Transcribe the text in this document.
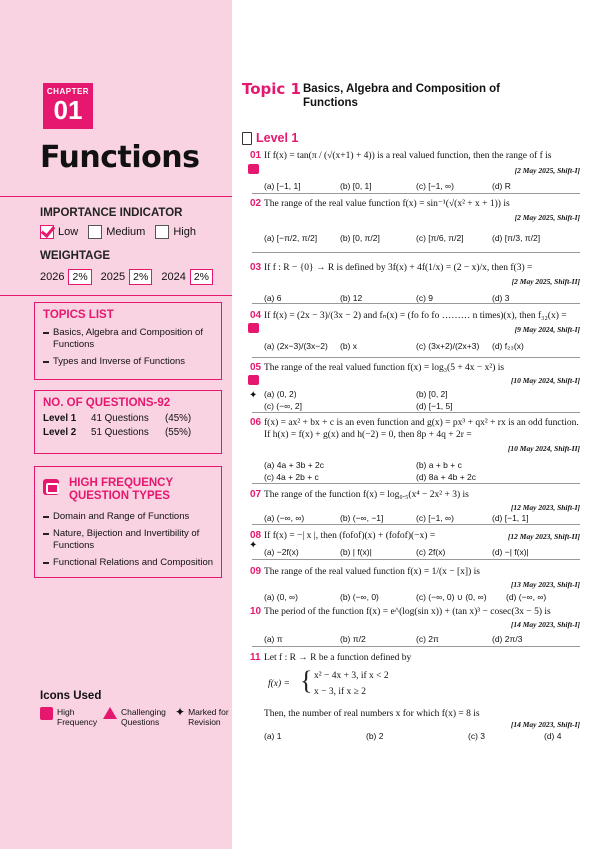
CHAPTER
01
Functions
IMPORTANCE INDICATOR
Low	Medium	High
WEIGHTAGE
2026 2%	2025 2%	2024 2%
TOPICS LIST
Basics, Algebra and Composition of Functions
Types and Inverse of Functions
NO. OF QUESTIONS-92
Level 1	41 Questions	(45%)
Level 2	51 Questions	(55%)
HIGH FREQUENCY QUESTION TYPES
Domain and Range of Functions
Nature, Bijection and Invertibility of Functions
Functional Relations and Composition
Icons Used
High Frequency
Challenging Questions
✦ Marked for Revision
Topic 1 Basics, Algebra and Composition of Functions
Level 1
01 If f(x) = tan(π / (√(x+1) + 4)) is a real valued function, then the range of f is
[2 May 2025, Shift-I]
(a) [−1, 1]	(b) [0, 1]	(c) [−1, ∞)	(d) R
02 The range of the real value function f(x) = sin⁻¹(√(x² + x + 1)) is
[2 May 2025, Shift-I]
(a) [−π/2, π/2]	(b) [0, π/2]	(c) [π/6, π/2]	(d) [π/3, π/2]
03 If f : R − {0} → R is defined by 3f(x) + 4f(1/x) = (2 − x)/x, then f(3) =
[2 May 2025, Shift-II]
(a) 6	(b) 12	(c) 9	(d) 3
04 If f(x) = (2x − 3)/(3x − 2) and fₙ(x) = (fo fo fo ……… n times)(x), then f₃₂(x) =
[9 May 2024, Shift-I]
(a) (2x−3)/(3x−2)	(b) x	(c) (3x+2)/(2x+3)	(d) f₂₃(x)
05
✦
The range of the real valued function f(x) = log₃(5 + 4x − x²) is
[10 May 2024, Shift-I]
(a) (0, 2)	(b) [0, 2]
(c) (−∞, 2]	(d) [−1, 5]
06 f(x) = ax² + bx + c is an even function and g(x) = px³ + qx² + rx is an odd function. If h(x) = f(x) + g(x) and h(−2) = 0, then 8p + 4q + 2r =
[10 May 2024, Shift-II]
(a) 4a + 3b + 2c	(b) a + b + c
(c) 4a + 2b + c	(d) 8a + 4b + 2c
07 The range of the function f(x) = log₀.₅(x⁴ − 2x² + 3) is
[12 May 2023, Shift-I]
(a) (−∞, ∞)	(b) (−∞, −1]	(c) [−1, ∞)	(d) [−1, 1]
08
✦
If f(x) = −| x |, then (fofof)(x) + (fofof)(−x) =	[12 May 2023, Shift-II]
(a) −2f(x)	(b) | f(x)|	(c) 2f(x)	(d) −| f(x)|
09 The range of the real valued function f(x) = 1/(x − [x]) is
[13 May 2023, Shift-I]
(a) (0, ∞)	(b) (−∞, 0)	(c) (−∞, 0) ∪ (0, ∞)	(d) (−∞, ∞)
10 The period of the function f(x) = e^(log(sin x)) + (tan x)³ − cosec(3x − 5) is
[14 May 2023, Shift-I]
(a) π	(b) π/2	(c) 2π	(d) 2π/3
11 Let f : R → R be a function defined by
f(x) = { x² − 4x + 3, if x < 2
x − 3, if x ≥ 2
Then, the number of real numbers x for which f(x) = 8 is
[14 May 2023, Shift-I]
(a) 1	(b) 2	(c) 3	(d) 4
